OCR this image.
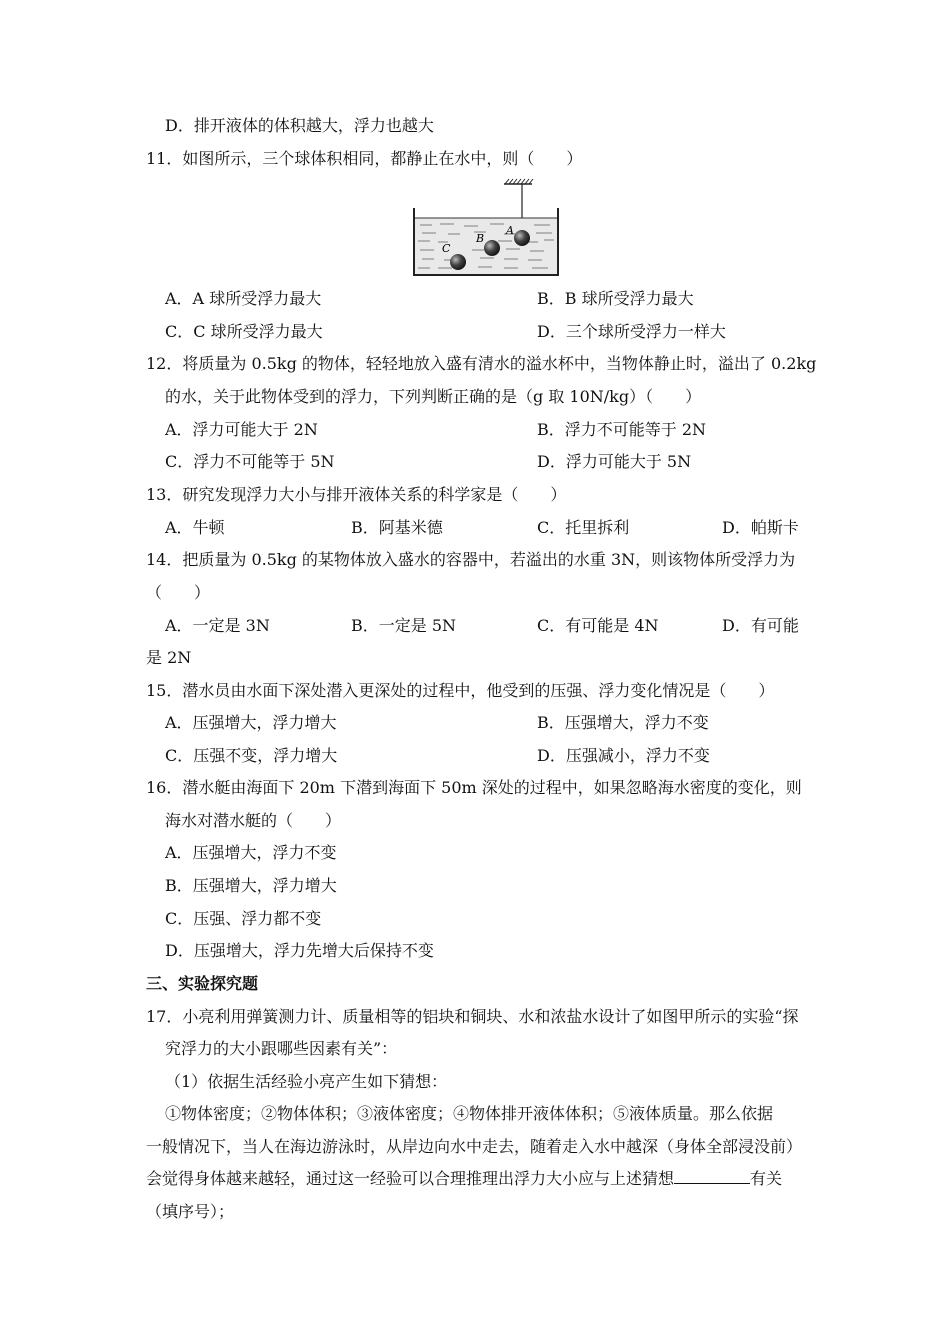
D．排开液体的体积越大，浮力也越大
11．如图所示，三个球体积相同，都静止在水中，则（　　）
A
B
C
A．A 球所受浮力最大	B．B 球所受浮力最大
C．C 球所受浮力最大	D．三个球所受浮力一样大
12．将质量为 0.5kg 的物体，轻轻地放入盛有清水的溢水杯中，当物体静止时，溢出了 0.2kg
的水，关于此物体受到的浮力，下列判断正确的是（g 取 10N/kg）（　　）
A．浮力可能大于 2N	B．浮力不可能等于 2N
C．浮力不可能等于 5N	D．浮力可能大于 5N
13．研究发现浮力大小与排开液体关系的科学家是（　　）
A．牛顿	B．阿基米德	C．托里拆利	D．帕斯卡
14．把质量为 0.5kg 的某物体放入盛水的容器中，若溢出的水重 3N，则该物体所受浮力为
（　　）
A．一定是 3N	B．一定是 5N	C．有可能是 4N	D．有可能
是 2N
15．潜水员由水面下深处潜入更深处的过程中，他受到的压强、浮力变化情况是（　　）
A．压强增大，浮力增大	B．压强增大，浮力不变
C．压强不变，浮力增大	D．压强减小，浮力不变
16．潜水艇由海面下 20m 下潜到海面下 50m 深处的过程中，如果忽略海水密度的变化，则
海水对潜水艇的（　　）
A．压强增大，浮力不变
B．压强增大，浮力增大
C．压强、浮力都不变
D．压强增大，浮力先增大后保持不变
三、实验探究题
17．小亮利用弹簧测力计、质量相等的铝块和铜块、水和浓盐水设计了如图甲所示的实验“探
究浮力的大小跟哪些因素有关”：
（1）依据生活经验小亮产生如下猜想：
①物体密度；②物体体积；③液体密度；④物体排开液体体积；⑤液体质量。那么依据
一般情况下，当人在海边游泳时，从岸边向水中走去，随着走入水中越深（身体全部浸没前）
会觉得身体越来越轻，通过这一经验可以合理推理出浮力大小应与上述猜想	有关
（填序号）；
